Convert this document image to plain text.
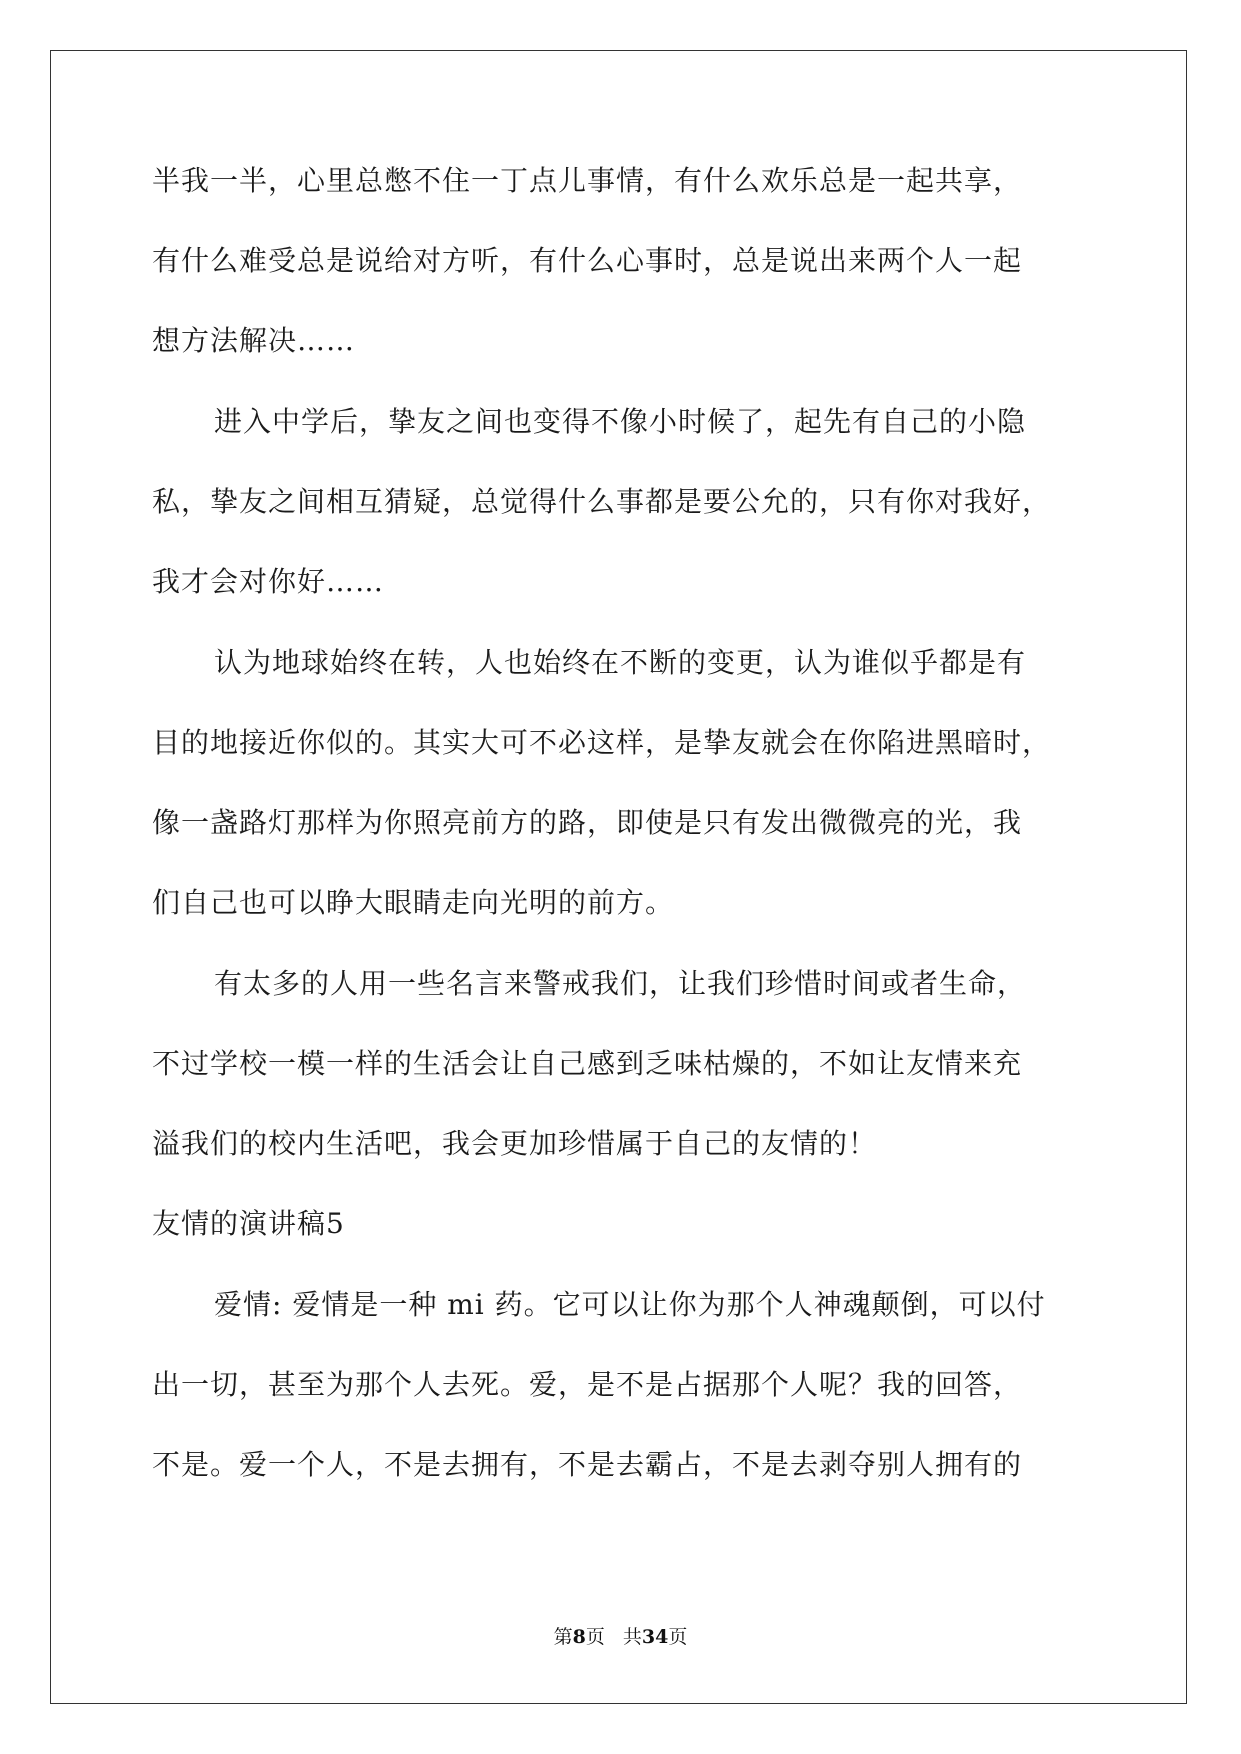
半我一半，心里总憋不住一丁点儿事情，有什么欢乐总是一起共享，
有什么难受总是说给对方听，有什么心事时，总是说出来两个人一起
想方法解决……
进入中学后，挚友之间也变得不像小时候了，起先有自己的小隐
私，挚友之间相互猜疑，总觉得什么事都是要公允的，只有你对我好，
我才会对你好……
认为地球始终在转，人也始终在不断的变更，认为谁似乎都是有
目的地接近你似的。其实大可不必这样，是挚友就会在你陷进黑暗时，
像一盏路灯那样为你照亮前方的路，即使是只有发出微微亮的光，我
们自己也可以睁大眼睛走向光明的前方。
有太多的人用一些名言来警戒我们，让我们珍惜时间或者生命，
不过学校一模一样的生活会让自己感到乏味枯燥的，不如让友情来充
溢我们的校内生活吧，我会更加珍惜属于自己的友情的！
友情的演讲稿5
爱情: 爱情是一种 mi 药。它可以让你为那个人神魂颠倒，可以付
出一切，甚至为那个人去死。爱，是不是占据那个人呢？我的回答，
不是。爱一个人，不是去拥有，不是去霸占，不是去剥夺别人拥有的
第8页 共34页
